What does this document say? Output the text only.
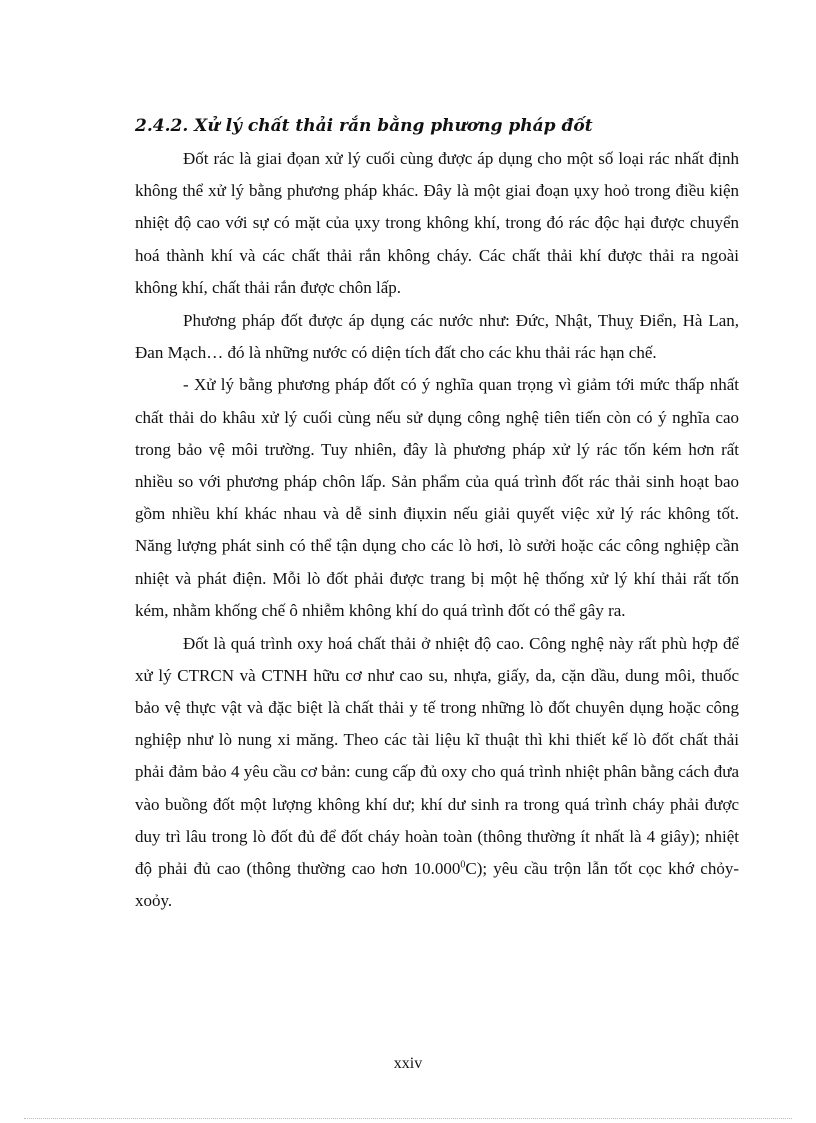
2.4.2. Xử lý chất thải rắn bằng phương pháp đốt

Đốt rác là giai đọan xử lý cuối cùng được áp dụng cho một số loại rác nhất định không thể xử lý bằng phương pháp khác. Đây là một giai đoạn ụxy hoỏ trong điều kiện nhiệt độ cao với sự có mặt của ụxy trong không khí, trong đó rác độc hại được chuyển hoá thành khí và các chất thải rắn không cháy. Các chất thải khí được thải ra ngoài không khí, chất thải rắn được chôn lấp.

Phương pháp đốt được áp dụng các nước như: Đức, Nhật, Thuỵ Điển, Hà Lan, Đan Mạch… đó là những nước có diện tích đất cho các khu thải rác hạn chế.

- Xử lý bằng phương pháp đốt có ý nghĩa quan trọng vì giảm tới mức thấp nhất chất thải do khâu xử lý cuối cùng nếu sử dụng công nghệ tiên tiến còn có ý nghĩa cao trong bảo vệ môi trường. Tuy nhiên, đây là phương pháp xử lý rác tốn kém hơn rất nhiều so với phương pháp chôn lấp. Sản phẩm của quá trình đốt rác thải sinh hoạt bao gồm nhiều khí khác nhau và dễ sinh điụxin nếu giải quyết việc xử lý rác không tốt. Năng lượng phát sinh có thể tận dụng cho các lò hơi, lò sưởi hoặc các công nghiệp cần nhiệt và phát điện. Mỗi lò đốt phải được trang bị một hệ thống xử lý khí thải rất tốn kém, nhằm khống chế ô nhiễm không khí do quá trình đốt có thể gây ra.

Đốt là quá trình oxy hoá chất thải ở nhiệt độ cao. Công nghệ này rất phù hợp để xử lý CTRCN và CTNH hữu cơ như cao su, nhựa, giấy, da, cặn dầu, dung môi, thuốc bảo vệ thực vật và đặc biệt là chất thải y tế trong những lò đốt chuyên dụng hoặc công nghiệp như lò nung xi măng. Theo các tài liệu kĩ thuật thì khi thiết kế lò đốt chất thải phải đảm bảo 4 yêu cầu cơ bản: cung cấp đủ oxy cho quá trình nhiệt phân bằng cách đưa vào buồng đốt một lượng không khí dư; khí dư sinh ra trong quá trình cháy phải được duy trì lâu trong lò đốt đủ để đốt cháy hoàn toàn (thông thường ít nhất là 4 giây); nhiệt độ phải đủ cao (thông thường cao hơn 10.000$^0$C); yêu cầu trộn lẫn tốt cọc khớ chỏy-xoỏy.

xxiv
